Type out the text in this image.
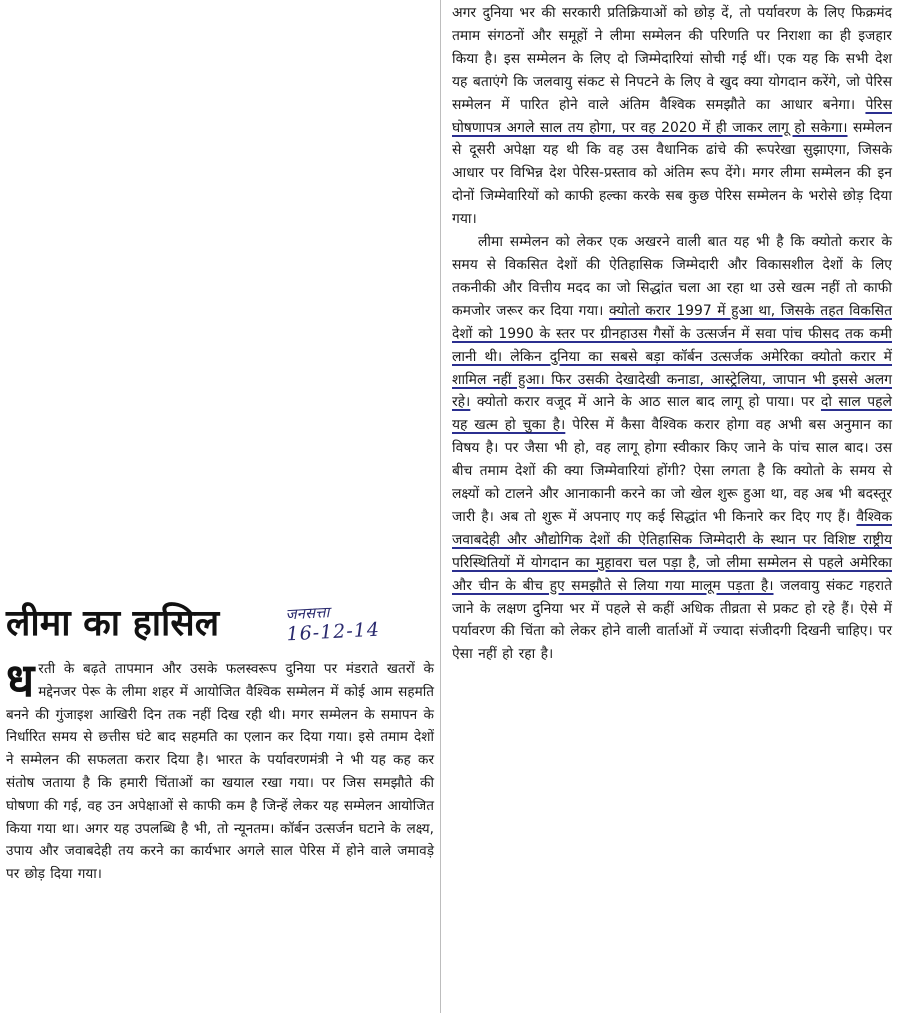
लीमा का हासिल	जनसत्ता
16-12-14
ध रती के बढ़ते तापमान और उसके फलस्वरूप दुनिया पर मंडराते खतरों के मद्देनजर पेरू के लीमा शहर में आयोजित वैश्विक सम्मेलन में कोई आम सहमति बनने की गुंजाइश आखिरी दिन तक नहीं दिख रही थी। मगर सम्मेलन के समापन के निर्धारित समय से छत्तीस घंटे बाद सहमति का एलान कर दिया गया। इसे तमाम देशों ने सम्मेलन की सफलता करार दिया है। भारत के पर्यावरणमंत्री ने भी यह कह कर संतोष जताया है कि हमारी चिंताओं का खयाल रखा गया। पर जिस समझौते की घोषणा की गई, वह उन अपेक्षाओं से काफी कम है जिन्हें लेकर यह सम्मेलन आयोजित किया गया था। अगर यह उपलब्धि है भी, तो न्यूनतम। कॉर्बन उत्सर्जन घटाने के लक्ष्य, उपाय और जवाबदेही तय करने का कार्यभार अगले साल पेरिस में होने वाले जमावड़े पर छोड़ दिया गया।

अगर दुनिया भर की सरकारी प्रतिक्रियाओं को छोड़ दें, तो पर्यावरण के लिए फिक्रमंद तमाम संगठनों और समूहों ने लीमा सम्मेलन की परिणति पर निराशा का ही इजहार किया है। इस सम्मेलन के लिए दो जिम्मेदारियां सोची गई थीं। एक यह कि सभी देश यह बताएंगे कि जलवायु संकट से निपटने के लिए वे खुद क्या योगदान करेंगे, जो पेरिस सम्मेलन में पारित होने वाले अंतिम वैश्विक समझौते का आधार बनेगा। पेरिस घोषणापत्र अगले साल तय होगा, पर वह 2020 में ही जाकर लागू हो सकेगा। सम्मेलन से दूसरी अपेक्षा यह थी कि वह उस वैधानिक ढांचे की रूपरेखा सुझाएगा, जिसके आधार पर विभिन्न देश पेरिस-प्रस्ताव को अंतिम रूप देंगे। मगर लीमा सम्मेलन की इन दोनों जिम्मेवारियों को काफी हल्का करके सब कुछ पेरिस सम्मेलन के भरोसे छोड़ दिया गया।

लीमा सम्मेलन को लेकर एक अखरने वाली बात यह भी है कि क्योतो करार के समय से विकसित देशों की ऐतिहासिक जिम्मेदारी और विकासशील देशों के लिए तकनीकी और वित्तीय मदद का जो सिद्धांत चला आ रहा था उसे खत्म नहीं तो काफी कमजोर जरूर कर दिया गया। क्योतो करार 1997 में हुआ था, जिसके तहत विकसित देशों को 1990 के स्तर पर ग्रीनहाउस गैसों के उत्सर्जन में सवा पांच फीसद तक कमी लानी थी। लेकिन दुनिया का सबसे बड़ा कॉर्बन उत्सर्जक अमेरिका क्योतो करार में शामिल नहीं हुआ। फिर उसकी देखादेखी कनाडा, आस्ट्रेलिया, जापान भी इससे अलग रहे। क्योतो करार वजूद में आने के आठ साल बाद लागू हो पाया। पर दो साल पहले यह खत्म हो चुका है। पेरिस में कैसा वैश्विक करार होगा वह अभी बस अनुमान का विषय है। पर जैसा भी हो, वह लागू होगा स्वीकार किए जाने के पांच साल बाद। उस बीच तमाम देशों की क्या जिम्मेवारियां होंगी? ऐसा लगता है कि क्योतो के समय से लक्ष्यों को टालने और आनाकानी करने का जो खेल शुरू हुआ था, वह अब भी बदस्तूर जारी है। अब तो शुरू में अपनाए गए कई सिद्धांत भी किनारे कर दिए गए हैं। वैश्विक जवाबदेही और औद्योगिक देशों की ऐतिहासिक जिम्मेदारी के स्थान पर विशिष्ट राष्ट्रीय परिस्थितियों में योगदान का मुहावरा चल पड़ा है, जो लीमा सम्मेलन से पहले अमेरिका और चीन के बीच हुए समझौते से लिया गया मालूम पड़ता है। जलवायु संकट गहराते जाने के लक्षण दुनिया भर में पहले से कहीं अधिक तीव्रता से प्रकट हो रहे हैं। ऐसे में पर्यावरण की चिंता को लेकर होने वाली वार्ताओं में ज्यादा संजीदगी दिखनी चाहिए। पर ऐसा नहीं हो रहा है।
